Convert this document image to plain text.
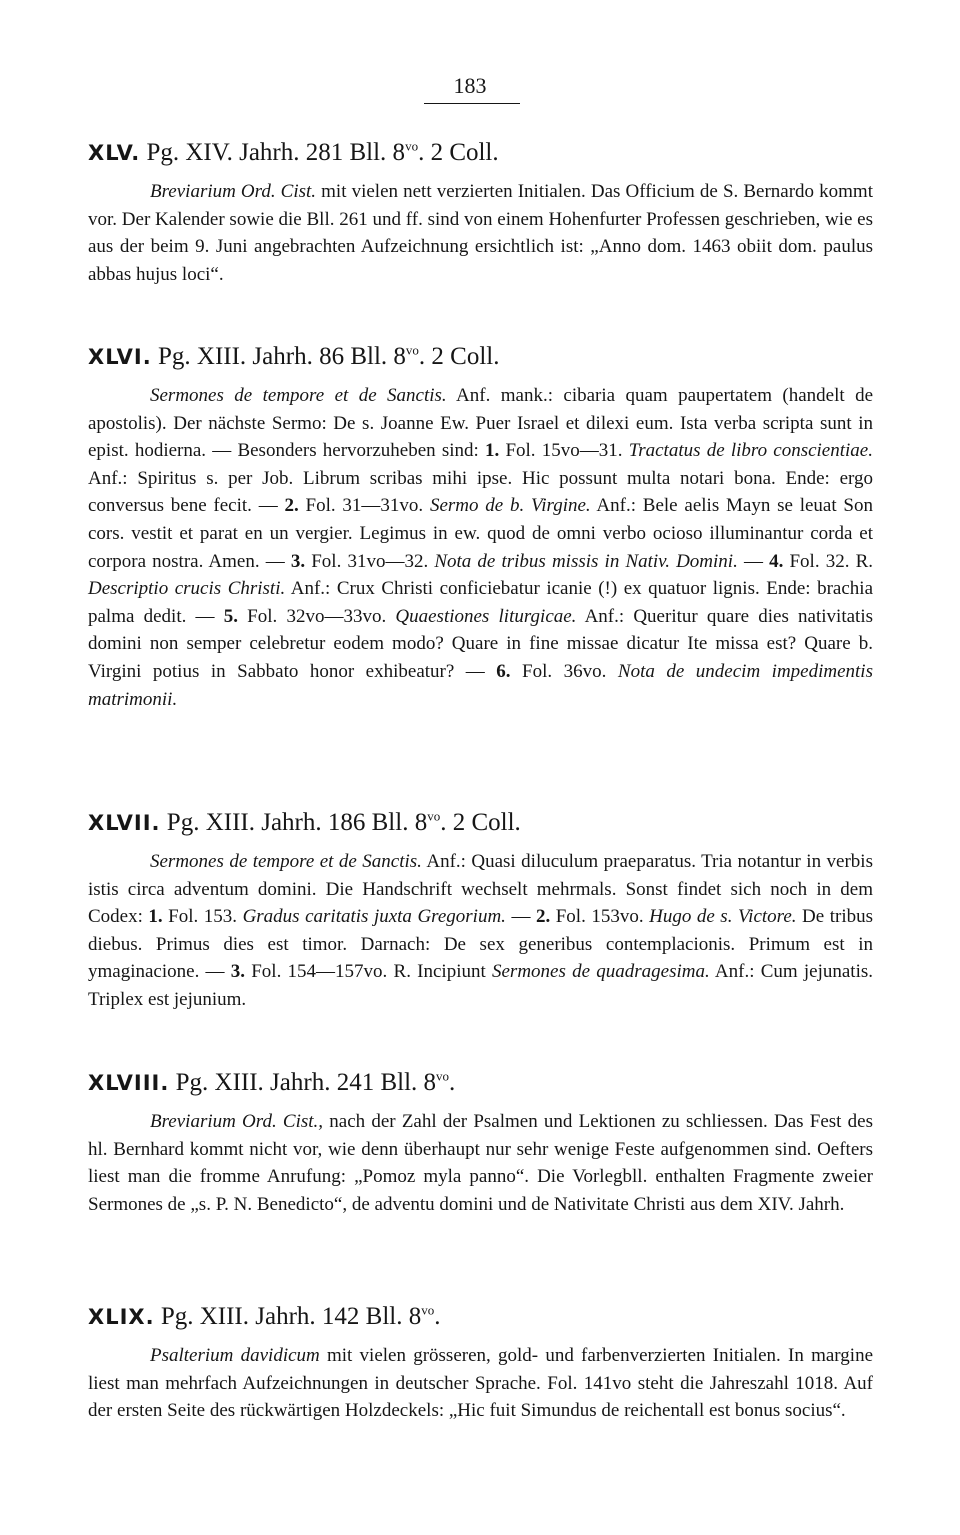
183
XLV. Pg. XIV. Jahrh. 281 Bll. $8^{vo}$. 2 Coll.
Breviarium Ord. Cist. mit vielen nett verzierten Initialen. Das Officium de S. Bernardo kommt vor. Der Kalender sowie die Bll. 261 und ff. sind von einem Hohenfurter Professen geschrieben, wie es aus der beim 9. Juni angebrachten Aufzeichnung ersichtlich ist: „Anno dom. 1463 obiit dom. paulus abbas hujus loci“.
XLVI. Pg. XIII. Jahrh. 86 Bll. $8^{vo}$. 2 Coll.
Sermones de tempore et de Sanctis. Anf. mank.: cibaria quam paupertatem (handelt de apostolis). Der nächste Sermo: De s. Joanne Ew. Puer Israel et dilexi eum. Ista verba scripta sunt in epist. hodierna. — Besonders hervorzuheben sind: 1. Fol. 15vo—31. Tractatus de libro conscientiae. Anf.: Spiritus s. per Job. Librum scribas mihi ipse. Hic possunt multa notari bona. Ende: ergo conversus bene fecit. — 2. Fol. 31—31vo. Sermo de b. Virgine. Anf.: Bele aelis Mayn se leuat Son cors. vestit et parat en un vergier. Legimus in ew. quod de omni verbo ocioso illuminantur corda et corpora nostra. Amen. — 3. Fol. 31vo—32. Nota de tribus missis in Nativ. Domini. — 4. Fol. 32. R. Descriptio crucis Christi. Anf.: Crux Christi conficiebatur icanie (!) ex quatuor lignis. Ende: brachia palma dedit. — 5. Fol. 32vo—33vo. Quaestiones liturgicae. Anf.: Queritur quare dies nativitatis domini non semper celebretur eodem modo? Quare in fine missae dicatur Ite missa est? Quare b. Virgini potius in Sabbato honor exhibeatur? — 6. Fol. 36vo. Nota de undecim impedimentis matrimonii.
XLVII. Pg. XIII. Jahrh. 186 Bll. $8^{vo}$. 2 Coll.
Sermones de tempore et de Sanctis. Anf.: Quasi diluculum praeparatus. Tria notantur in verbis istis circa adventum domini. Die Handschrift wechselt mehrmals. Sonst findet sich noch in dem Codex: 1. Fol. 153. Gradus caritatis juxta Gregorium. — 2. Fol. 153vo. Hugo de s. Victore. De tribus diebus. Primus dies est timor. Darnach: De sex generibus contemplacionis. Primum est in ymaginacione. — 3. Fol. 154—157vo. R. Incipiunt Sermones de quadragesima. Anf.: Cum jejunatis. Triplex est jejunium.
XLVIII. Pg. XIII. Jahrh. 241 Bll. $8^{vo}$.
Breviarium Ord. Cist., nach der Zahl der Psalmen und Lektionen zu schliessen. Das Fest des hl. Bernhard kommt nicht vor, wie denn überhaupt nur sehr wenige Feste aufgenommen sind. Oefters liest man die fromme Anrufung: „Pomoz myla panno“. Die Vorlegbll. enthalten Fragmente zweier Sermones de „s. P. N. Benedicto“, de adventu domini und de Nativitate Christi aus dem XIV. Jahrh.
XLIX. Pg. XIII. Jahrh. 142 Bll. $8^{vo}$.
Psalterium davidicum mit vielen grösseren, gold- und farbenverzierten Initialen. In margine liest man mehrfach Aufzeichnungen in deutscher Sprache. Fol. 141vo steht die Jahreszahl 1018. Auf der ersten Seite des rückwärtigen Holzdeckels: „Hic fuit Simundus de reichentall est bonus socius“.
